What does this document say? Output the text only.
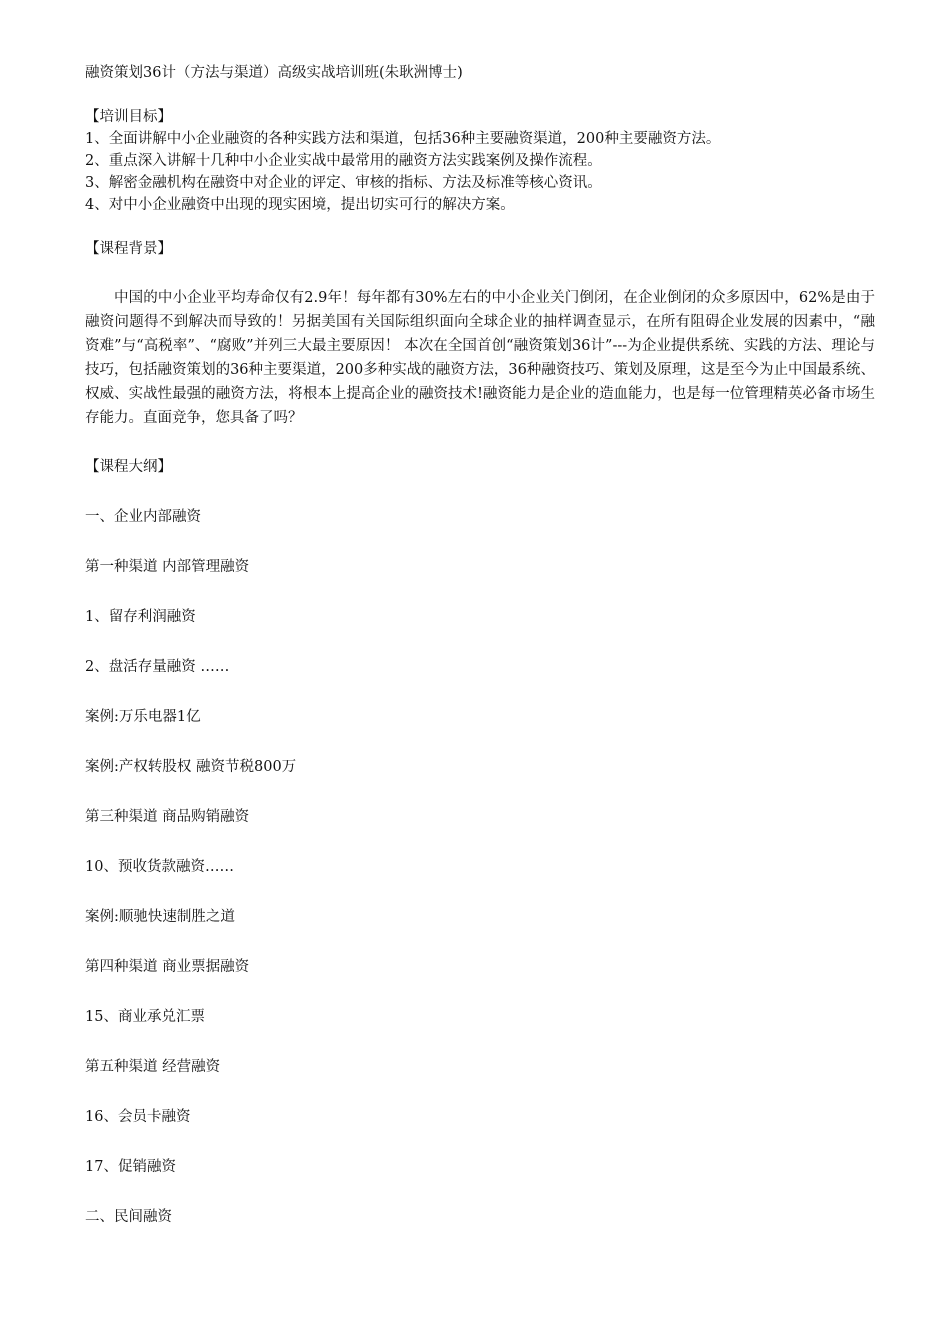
融资策划36计（方法与渠道）高级实战培训班(朱耿洲博士)
【培训目标】
1、全面讲解中小企业融资的各种实践方法和渠道，包括36种主要融资渠道，200种主要融资方法。
2、重点深入讲解十几种中小企业实战中最常用的融资方法实践案例及操作流程。
3、解密金融机构在融资中对企业的评定、审核的指标、方法及标准等核心资讯。
4、对中小企业融资中出现的现实困境，提出切实可行的解决方案。
【课程背景】
中国的中小企业平均寿命仅有2.9年！每年都有30%左右的中小企业关门倒闭，在企业倒闭的众多原因中，62%是由于融资问题得不到解决而导致的！另据美国有关国际组织面向全球企业的抽样调查显示，在所有阻碍企业发展的因素中，“融资难”与“高税率”、“腐败”并列三大最主要原因！ 本次在全国首创“融资策划36计”---为企业提供系统、实践的方法、理论与技巧，包括融资策划的36种主要渠道，200多种实战的融资方法，36种融资技巧、策划及原理，这是至今为止中国最系统、权威、实战性最强的融资方法，将根本上提高企业的融资技术!融资能力是企业的造血能力，也是每一位管理精英必备市场生存能力。直面竞争，您具备了吗？
【课程大纲】
一、企业内部融资
第一种渠道 内部管理融资
1、留存利润融资
2、盘活存量融资 ……
案例:万乐电器1亿
案例:产权转股权 融资节税800万
第三种渠道 商品购销融资
10、预收货款融资……
案例:顺驰快速制胜之道
第四种渠道 商业票据融资
15、商业承兑汇票
第五种渠道 经营融资
16、会员卡融资
17、促销融资
二、民间融资
